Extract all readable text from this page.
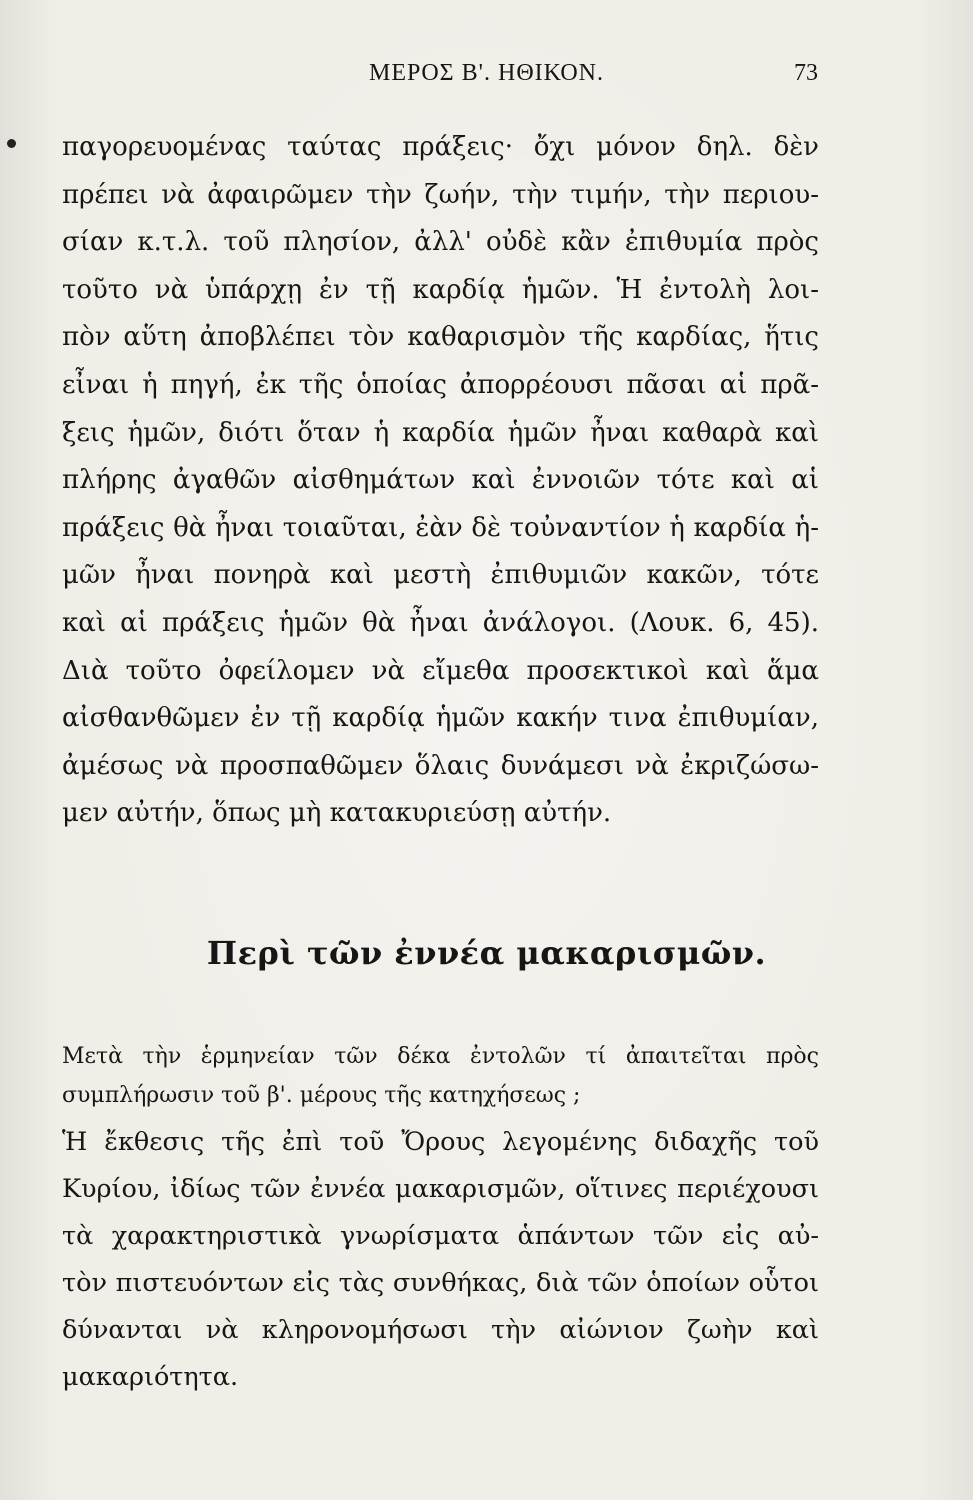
ΜΕΡΟΣ Β'. ΗΘΙΚΟΝ.	73
παγορευομένας ταύτας πράξεις· ὄχι μόνον δηλ. δὲν
πρέπει νὰ ἀφαιρῶμεν τὴν ζωήν, τὴν τιμήν, τὴν περιου-
σίαν κ.τ.λ. τοῦ πλησίον, ἀλλ' οὐδὲ κἂν ἐπιθυμία πρὸς
τοῦτο νὰ ὑπάρχῃ ἐν τῇ καρδίᾳ ἡμῶν. Ἡ ἐντολὴ λοι-
πὸν αὕτη ἀποβλέπει τὸν καθαρισμὸν τῆς καρδίας, ἥτις
εἶναι ἡ πηγή, ἐκ τῆς ὁποίας ἀπορρέουσι πᾶσαι αἱ πρᾶ-
ξεις ἡμῶν, διότι ὅταν ἡ καρδία ἡμῶν ἦναι καθαρὰ καὶ
πλήρης ἀγαθῶν αἰσθημάτων καὶ ἐννοιῶν τότε καὶ αἱ
πράξεις θὰ ἦναι τοιαῦται, ἐὰν δὲ τοὐναντίον ἡ καρδία ἡ-
μῶν ἦναι πονηρὰ καὶ μεστὴ ἐπιθυμιῶν κακῶν, τότε
καὶ αἱ πράξεις ἡμῶν θὰ ἦναι ἀνάλογοι. (Λουκ. 6, 45).
Διὰ τοῦτο ὀφείλομεν νὰ εἴμεθα προσεκτικοὶ καὶ ἅμα
αἰσθανθῶμεν ἐν τῇ καρδίᾳ ἡμῶν κακήν τινα ἐπιθυμίαν,
ἀμέσως νὰ προσπαθῶμεν ὅλαις δυνάμεσι νὰ ἐκριζώσω-
μεν αὐτήν, ὅπως μὴ κατακυριεύσῃ αὐτήν.
Περὶ τῶν ἐννέα μακαρισμῶν.
Μετὰ τὴν ἑρμηνείαν τῶν δέκα ἐντολῶν τί ἀπαιτεῖται πρὸς
συμπλήρωσιν τοῦ β'. μέρους τῆς κατηχήσεως ;
Ἡ ἔκθεσις τῆς ἐπὶ τοῦ Ὄρους λεγομένης διδαχῆς τοῦ
Κυρίου, ἰδίως τῶν ἐννέα μακαρισμῶν, οἵτινες περιέχουσι
τὰ χαρακτηριστικὰ γνωρίσματα ἁπάντων τῶν εἰς αὐ-
τὸν πιστευόντων εἰς τὰς συνθήκας, διὰ τῶν ὁποίων οὗτοι
δύνανται νὰ κληρονομήσωσι τὴν αἰώνιον ζωὴν καὶ
μακαριότητα.
